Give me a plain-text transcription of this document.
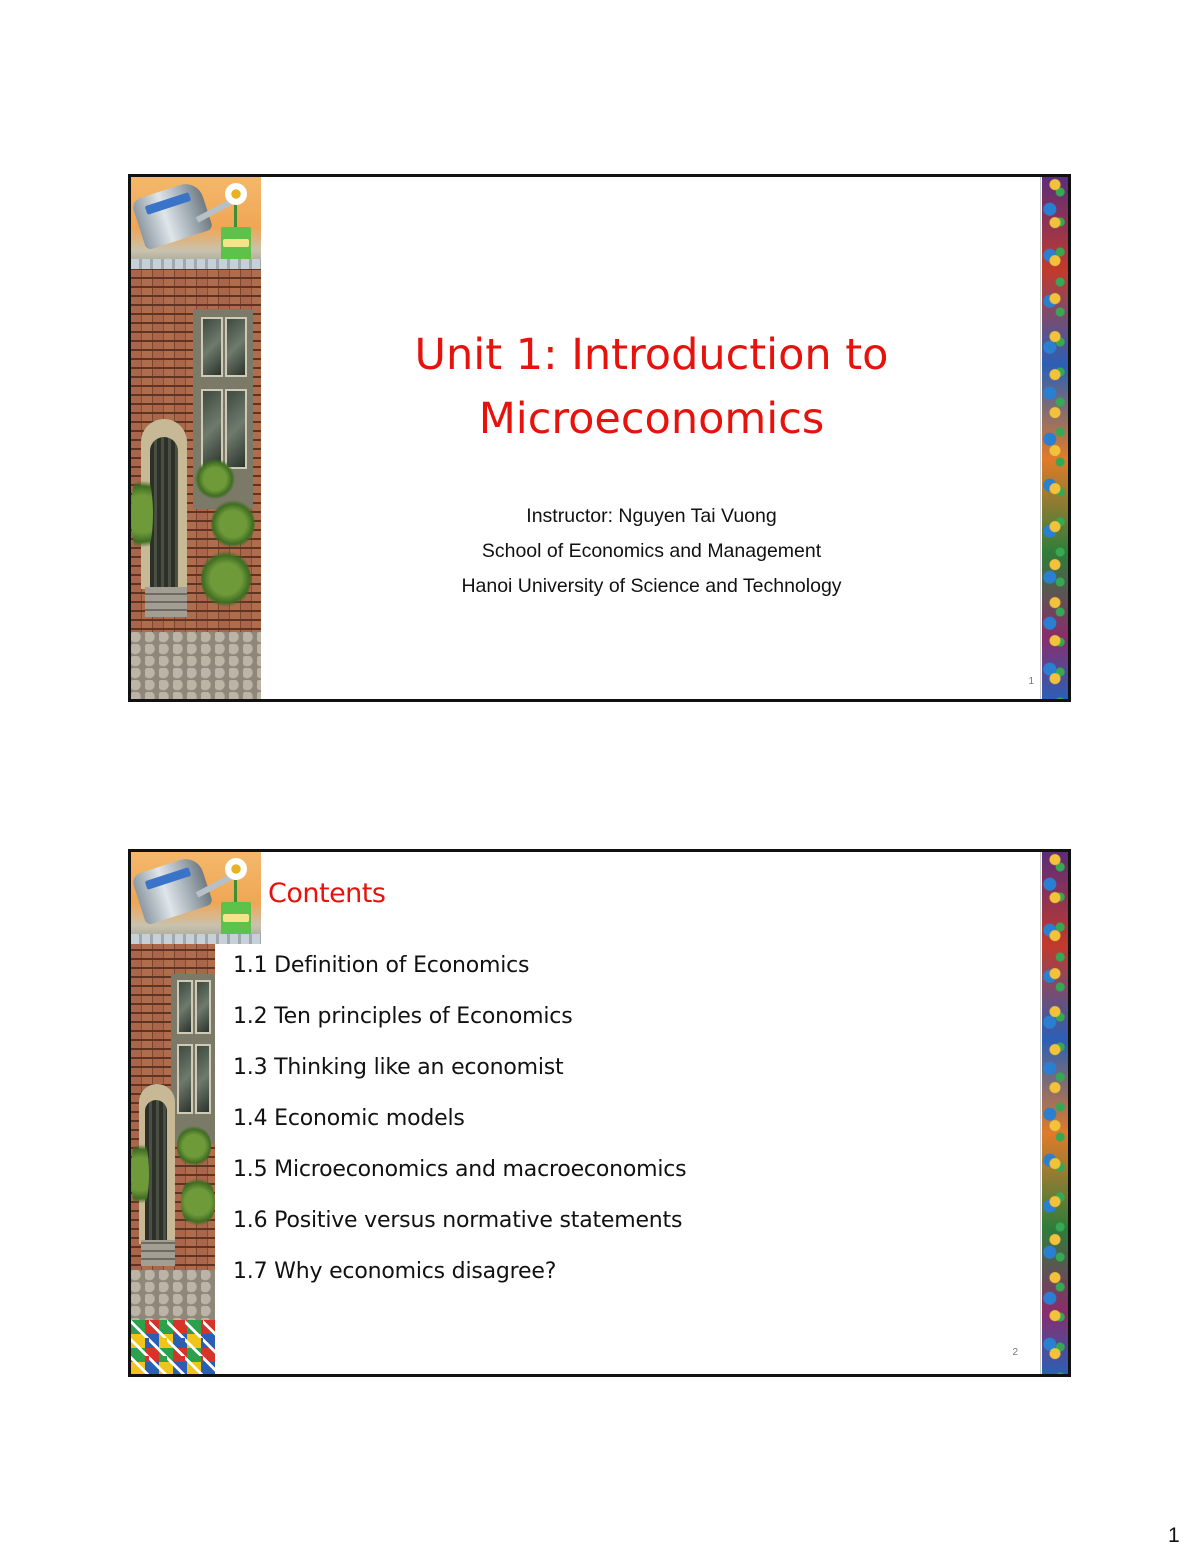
Unit 1: Introduction to
Microeconomics
Instructor: Nguyen Tai Vuong
School of Economics and Management
Hanoi University of Science and Technology
1
Contents
1.1 Definition of Economics
1.2 Ten principles of Economics
1.3 Thinking like an economist
1.4 Economic models
1.5 Microeconomics and macroeconomics
1.6 Positive versus normative statements
1.7 Why economics disagree?
2
1
